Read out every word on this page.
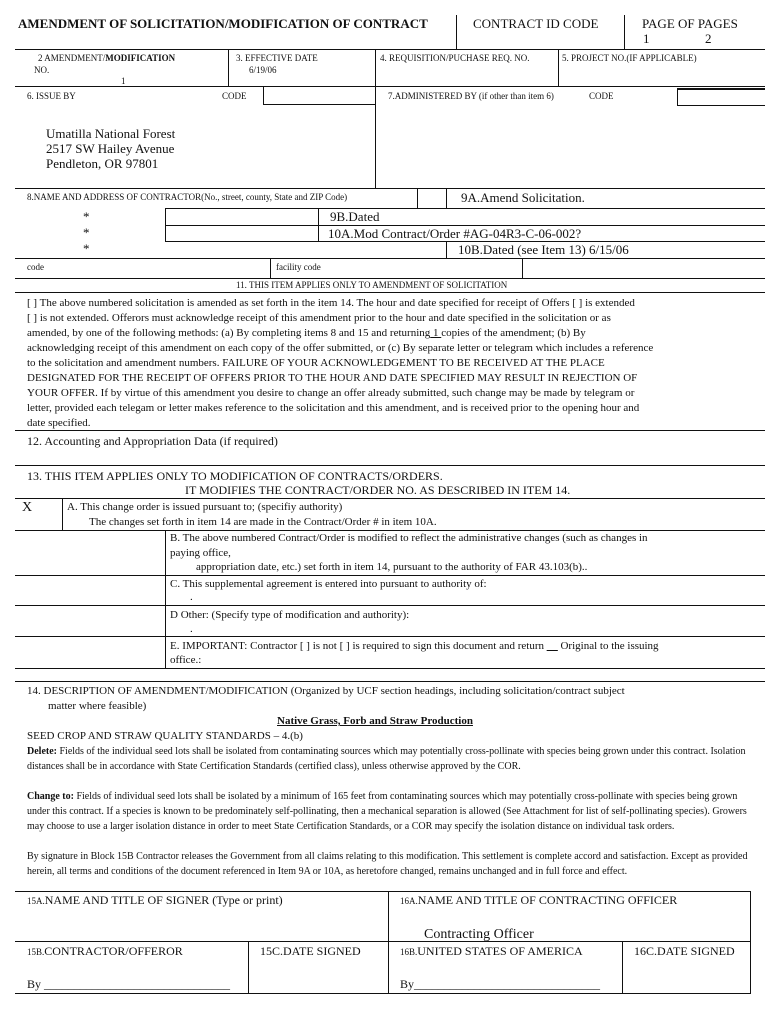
AMENDMENT OF SOLICITATION/MODIFICATION OF CONTRACT	CONTRACT ID CODE	PAGE OF PAGES
1	2
2 AMENDMENT/MODIFICATION
NO.
1
3. EFFECTIVE DATE
6/19/06
4. REQUISITION/PUCHASE REQ. NO.	5. PROJECT NO.(IF APPLICABLE)
6. ISSUE BY	CODE	7.ADMINISTERED BY (if other than item 6)	CODE
Umatilla National Forest
2517 SW Hailey Avenue
Pendleton, OR 97801
8.NAME AND ADDRESS OF CONTRACTOR(No., street, county, State and ZIP Code)	9A.Amend Solicitation.
*
*
*
9B.Dated
10A.Mod Contract/Order #AG-04R3-C-06-002?
10B.Dated (see Item 13) 6/15/06
code	facility code
11. THIS ITEM APPLIES ONLY TO AMENDMENT OF SOLICITATION
[ ] The above numbered solicitation is amended as set forth in the item 14. The hour and date specified for receipt of Offers [ ] is extended
[ ] is not extended. Offerors must acknowledge receipt of this amendment prior to the hour and date specified in the solicitation or as
amended, by one of the following methods: (a) By completing items 8 and 15 and returning 1 copies of the amendment; (b) By
acknowledging receipt of this amendment on each copy of the offer submitted, or (c) By separate letter or telegram which includes a reference
to the solicitation and amendment numbers. FAILURE OF YOUR ACKNOWLEDGEMENT TO BE RECEIVED AT THE PLACE
DESIGNATED FOR THE RECEIPT OF OFFERS PRIOR TO THE HOUR AND DATE SPECIFIED MAY RESULT IN REJECTION OF
YOUR OFFER. If by virtue of this amendment you desire to change an offer already submitted, such change may be made by telegram or
letter, provided each telegam or letter makes reference to the solicitation and this amendment, and is received prior to the opening hour and
date specified.
12. Accounting and Appropriation Data (if required)
13. THIS ITEM APPLIES ONLY TO MODIFICATION OF CONTRACTS/ORDERS.
IT MODIFIES THE CONTRACT/ORDER NO. AS DESCRIBED IN ITEM 14.
X	A. This change order is issued pursuant to; (specifiy authority)
The changes set forth in item 14 are made in the Contract/Order # in item 10A.
B. The above numbered Contract/Order is modified to reflect the administrative changes (such as changes in
paying office,
appropriation date, etc.) set forth in item 14, pursuant to the authority of FAR 43.103(b)..
C. This supplemental agreement is entered into pursuant to authority of:
.
D Other: (Specify type of modification and authority):
.
E. IMPORTANT: Contractor [ ] is not [ ] is required to sign this document and return __ Original to the issuing
office.:
14. DESCRIPTION OF AMENDMENT/MODIFICATION (Organized by UCF section headings, including solicitation/contract subject
matter where feasible)
Native Grass, Forb and Straw Production
SEED CROP AND STRAW QUALITY STANDARDS – 4.(b)

Delete: Fields of the individual seed lots shall be isolated from contaminating sources which may potentially cross-pollinate with species being grown under this contract. Isolation distances shall be in accordance with State Certification Standards (certified class), unless otherwise approved by the COR.

Change to: Fields of individual seed lots shall be isolated by a minimum of 165 feet from contaminating sources which may potentially cross-pollinate with species being grown under this contract. If a species is known to be predominately self-pollinating, then a mechanical separation is allowed (See Attachment for list of self-pollinating species). Growers may choose to use a larger isolation distance in order to meet State Certification Standards, or a COR may specify the isolation distance on individual task orders.

By signature in Block 15B Contractor releases the Government from all claims relating to this modification. This settlement is complete accord and satisfaction. Except as provided herein, all terms and conditions of the document referenced in Item 9A or 10A, as heretofore changed, remains unchanged and in full force and effect.

15A.NAME AND TITLE OF SIGNER (Type or print)	16A.NAME AND TITLE OF CONTRACTING OFFICER
Contracting Officer
15B.CONTRACTOR/OFFEROR	15C.DATE SIGNED	16B.UNITED STATES OF AMERICA	16C.DATE SIGNED
By _______________________________	By_______________________________
